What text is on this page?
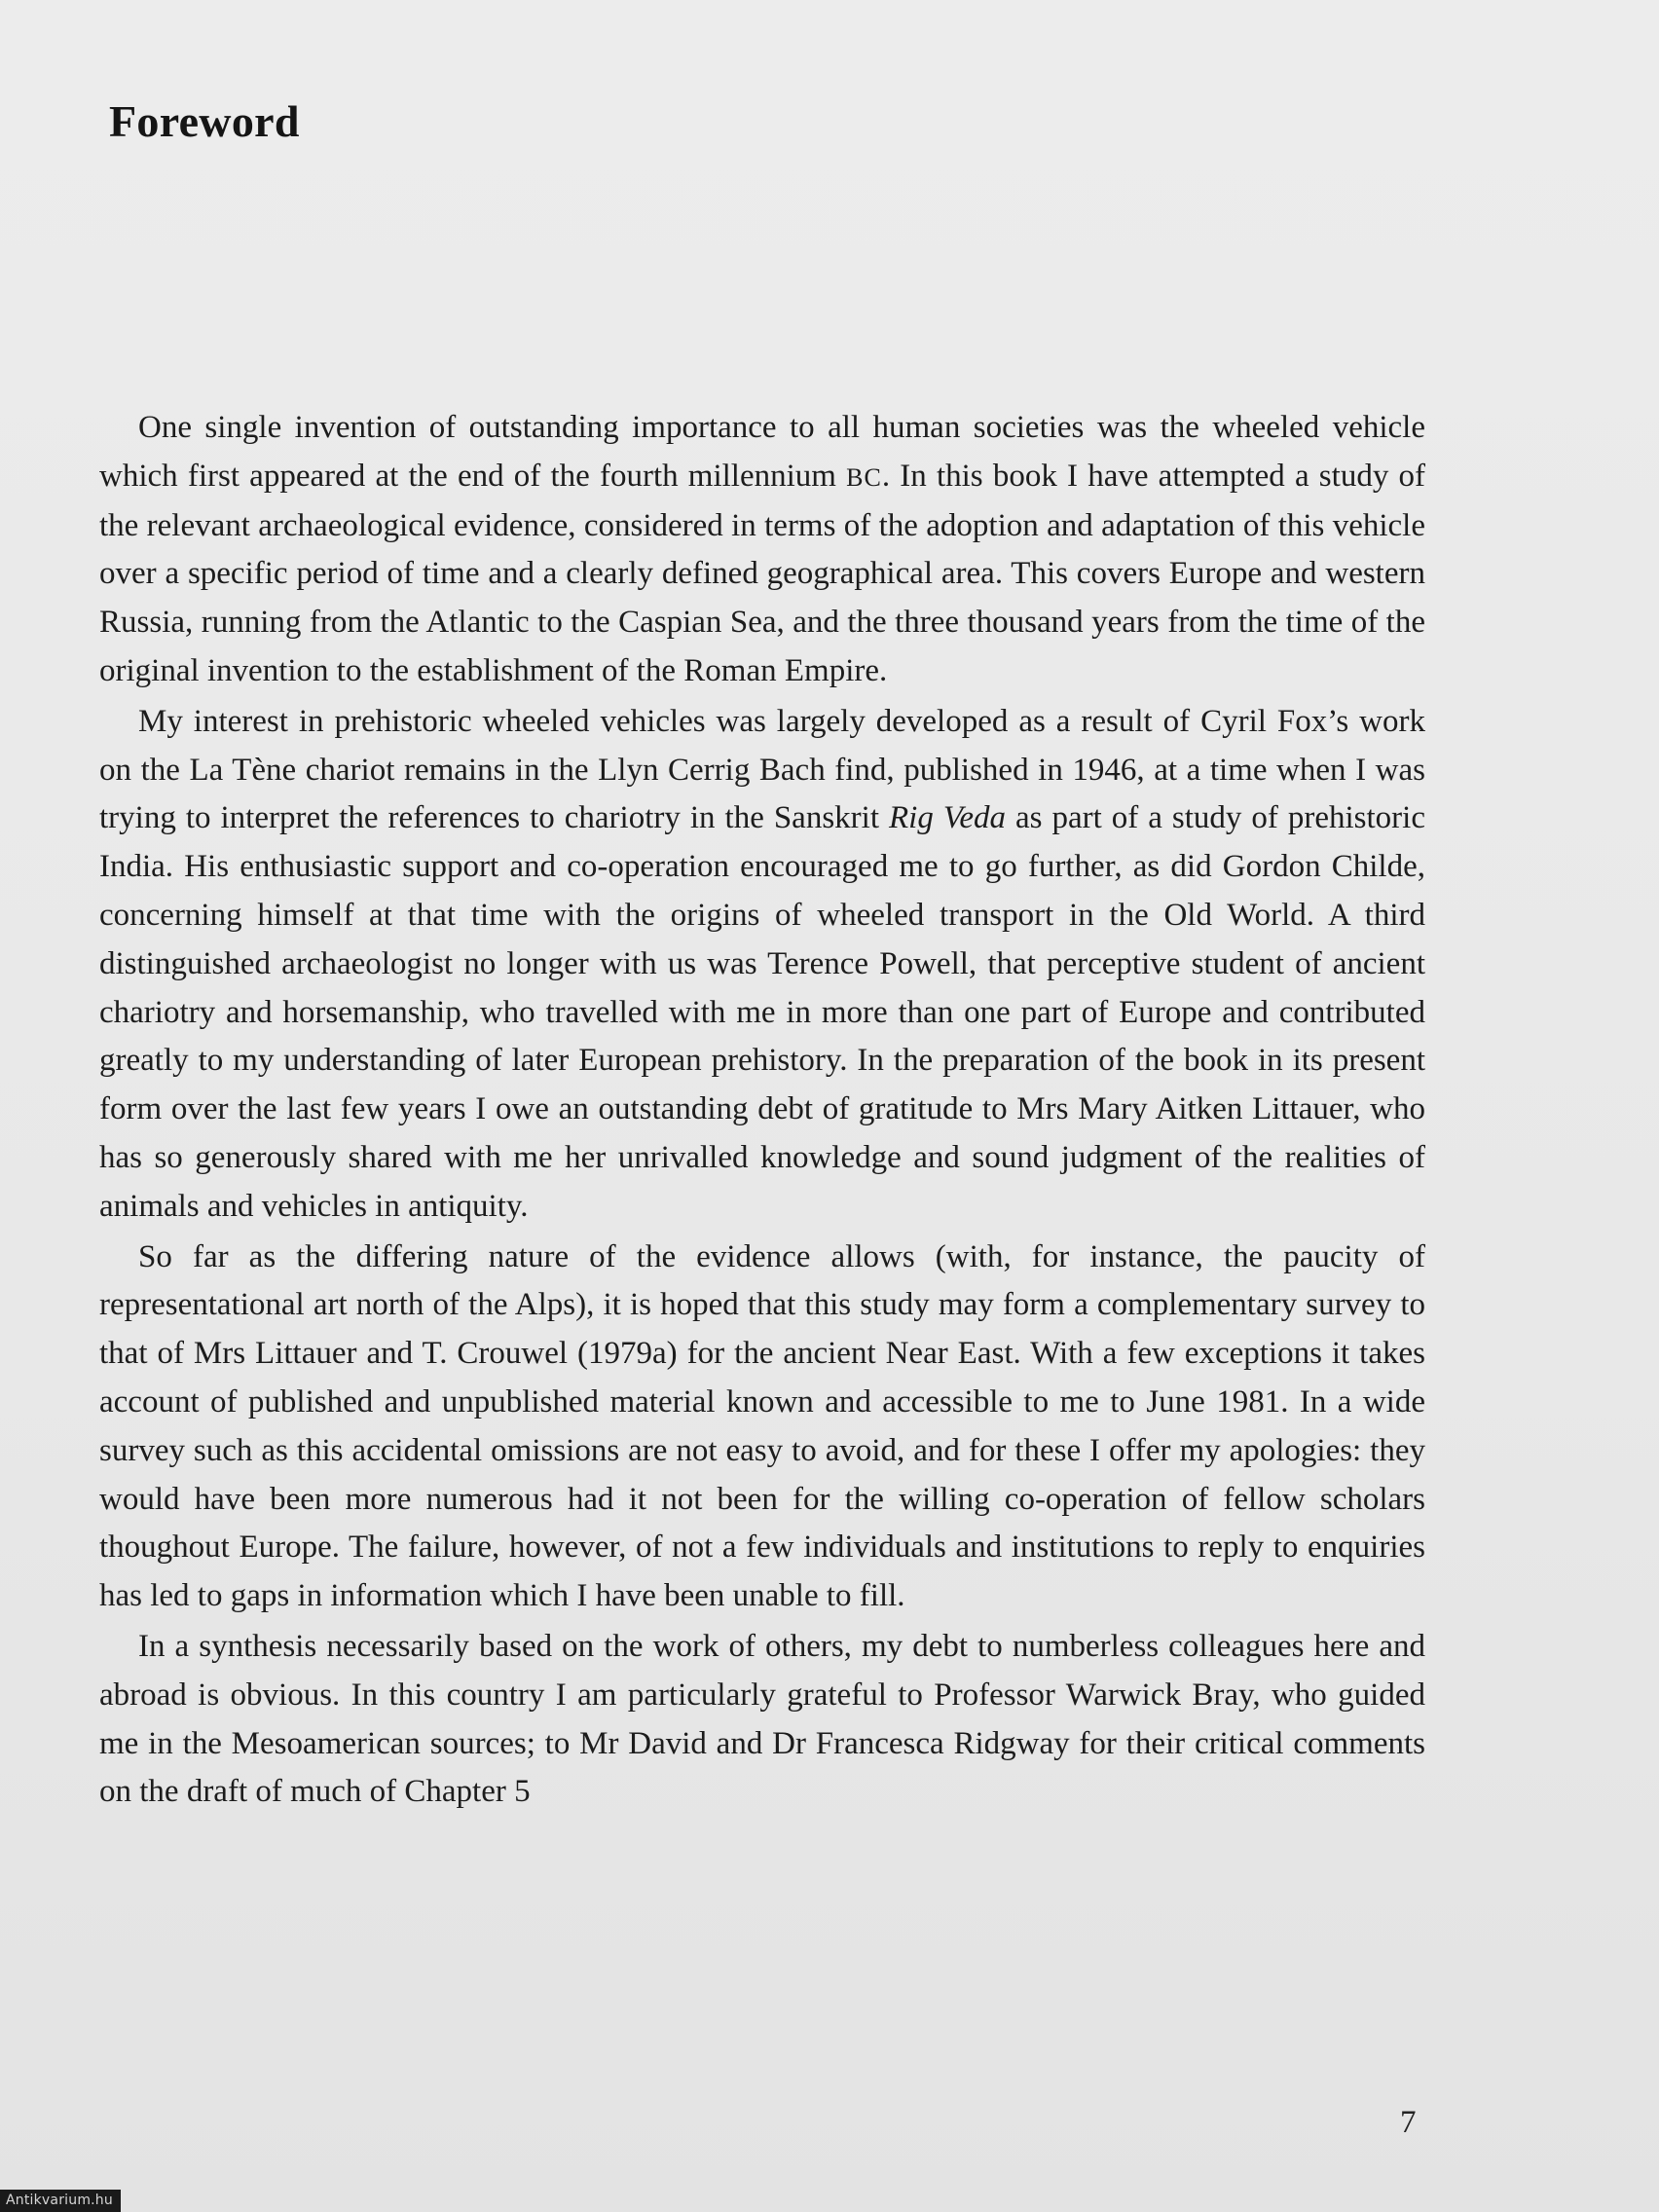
Foreword

One single invention of outstanding importance to all human societies was the wheeled vehicle which first appeared at the end of the fourth millennium BC. In this book I have attempted a study of the relevant archaeological evidence, considered in terms of the adoption and adaptation of this vehicle over a specific period of time and a clearly defined geographical area. This covers Europe and western Russia, running from the Atlantic to the Caspian Sea, and the three thousand years from the time of the original invention to the establishment of the Roman Empire.

My interest in prehistoric wheeled vehicles was largely developed as a result of Cyril Fox’s work on the La Tène chariot remains in the Llyn Cerrig Bach find, published in 1946, at a time when I was trying to interpret the references to chariotry in the Sanskrit Rig Veda as part of a study of prehistoric India. His enthusiastic support and co-operation encouraged me to go further, as did Gordon Childe, concerning himself at that time with the origins of wheeled transport in the Old World. A third distinguished archaeologist no longer with us was Terence Powell, that perceptive student of ancient chariotry and horsemanship, who travelled with me in more than one part of Europe and contributed greatly to my understanding of later European prehistory. In the preparation of the book in its present form over the last few years I owe an outstanding debt of gratitude to Mrs Mary Aitken Littauer, who has so generously shared with me her unrivalled knowledge and sound judgment of the realities of animals and vehicles in antiquity.

So far as the differing nature of the evidence allows (with, for instance, the paucity of representational art north of the Alps), it is hoped that this study may form a complementary survey to that of Mrs Littauer and T. Crouwel (1979a) for the ancient Near East. With a few exceptions it takes account of published and unpublished material known and accessible to me to June 1981. In a wide survey such as this accidental omissions are not easy to avoid, and for these I offer my apologies: they would have been more numerous had it not been for the willing co-operation of fellow scholars thoughout Europe. The failure, however, of not a few individuals and institutions to reply to enquiries has led to gaps in information which I have been unable to fill.

In a synthesis necessarily based on the work of others, my debt to numberless colleagues here and abroad is obvious. In this country I am particularly grateful to Professor Warwick Bray, who guided me in the Mesoamerican sources; to Mr David and Dr Francesca Ridgway for their critical comments on the draft of much of Chapter 5

7
Antikvarium.hu
